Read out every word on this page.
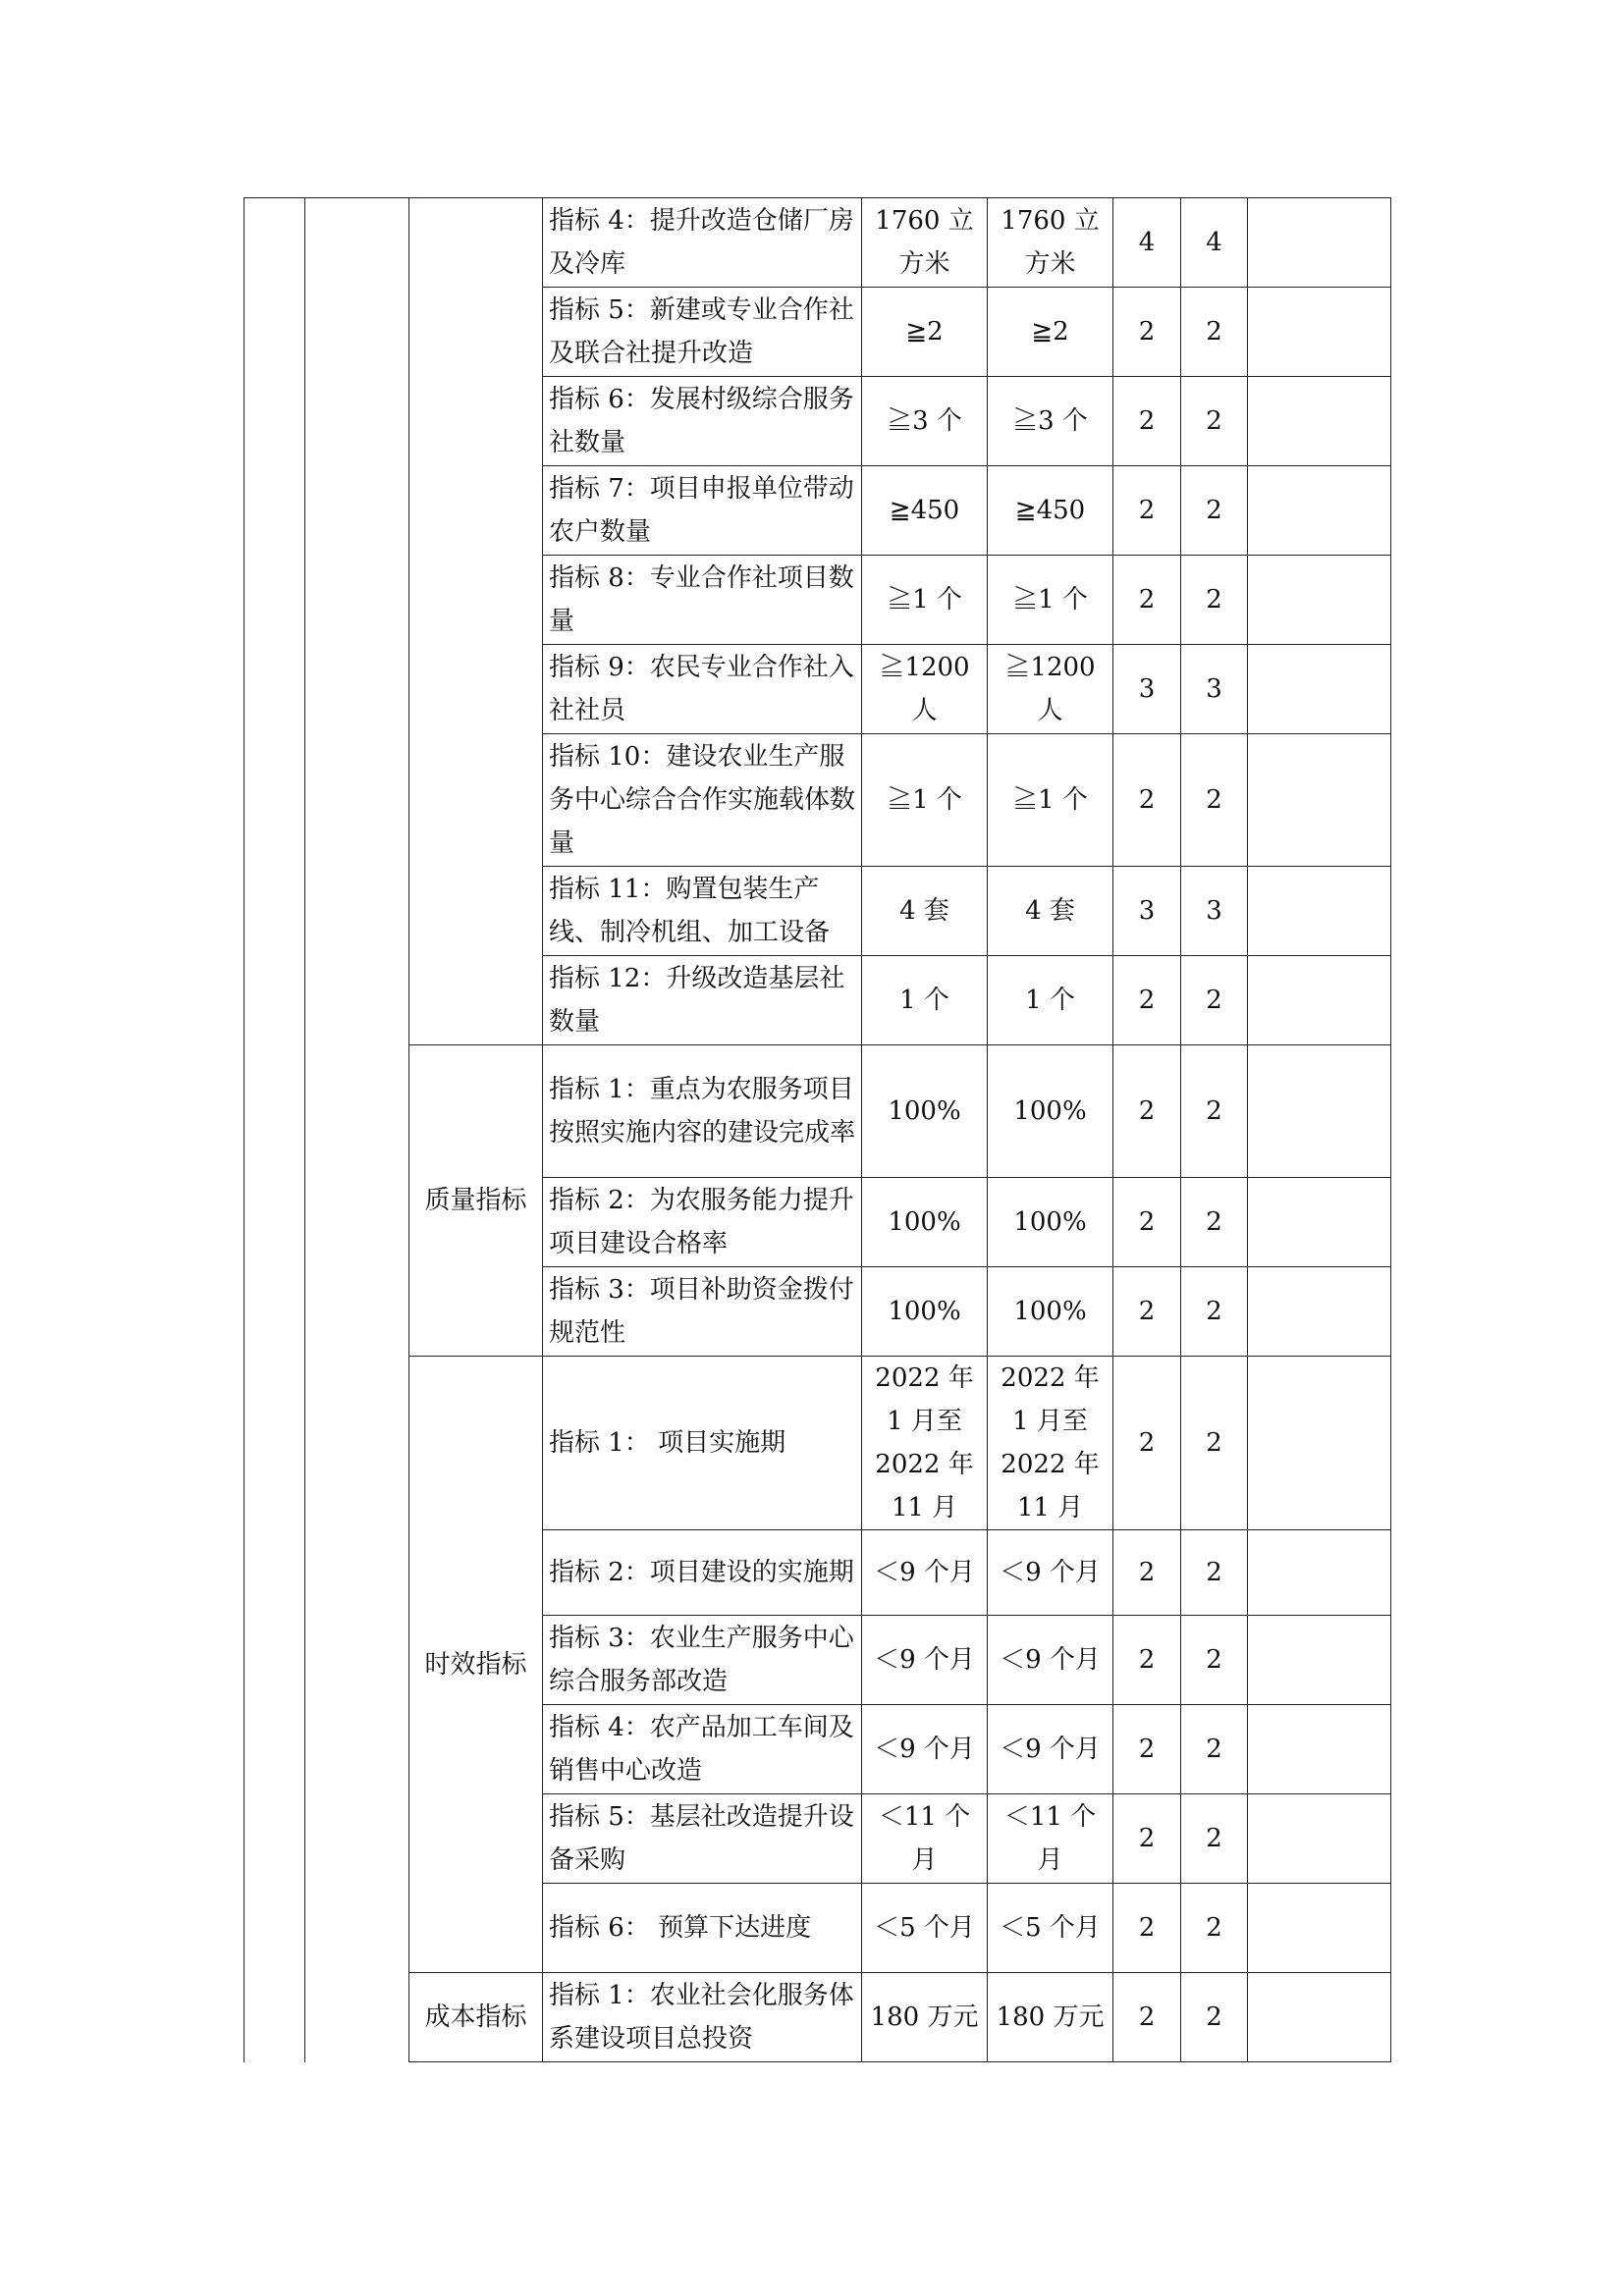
			指标 4：提升改造仓储厂房及冷库	1760 立方米	1760 立方米	4	4	
			指标 5：新建或专业合作社及联合社提升改造	≧2	≧2	2	2	
			指标 6：发展村级综合服务社数量	≧3 个	≧3 个	2	2	
			指标 7：项目申报单位带动农户数量	≧450	≧450	2	2	
			指标 8：专业合作社项目数量	≧1 个	≧1 个	2	2	
			指标 9：农民专业合作社入社社员	≧1200 人	≧1200 人	3	3	
			指标 10：建设农业生产服务中心综合合作实施载体数量	≧1 个	≧1 个	2	2	
			指标 11：购置包装生产线、制冷机组、加工设备	4 套	4 套	3	3	
			指标 12：升级改造基层社数量	1 个	1 个	2	2	
		质量指标	指标 1：重点为农服务项目按照实施内容的建设完成率	100%	100%	2	2	
			指标 2：为农服务能力提升项目建设合格率	100%	100%	2	2	
			指标 3：项目补助资金拨付规范性	100%	100%	2	2	
		时效指标	指标 1： 项目实施期	2022 年 1 月至 2022 年 11 月	2022 年 1 月至 2022 年 11 月	2	2	
			指标 2：项目建设的实施期	＜9 个月	＜9 个月	2	2	
			指标 3：农业生产服务中心综合服务部改造	＜9 个月	＜9 个月	2	2	
			指标 4：农产品加工车间及销售中心改造	＜9 个月	＜9 个月	2	2	
			指标 5：基层社改造提升设备采购	＜11 个月	＜11 个月	2	2	
			指标 6： 预算下达进度	＜5 个月	＜5 个月	2	2	
		成本指标	指标 1：农业社会化服务体系建设项目总投资	180 万元	180 万元	2	2	
